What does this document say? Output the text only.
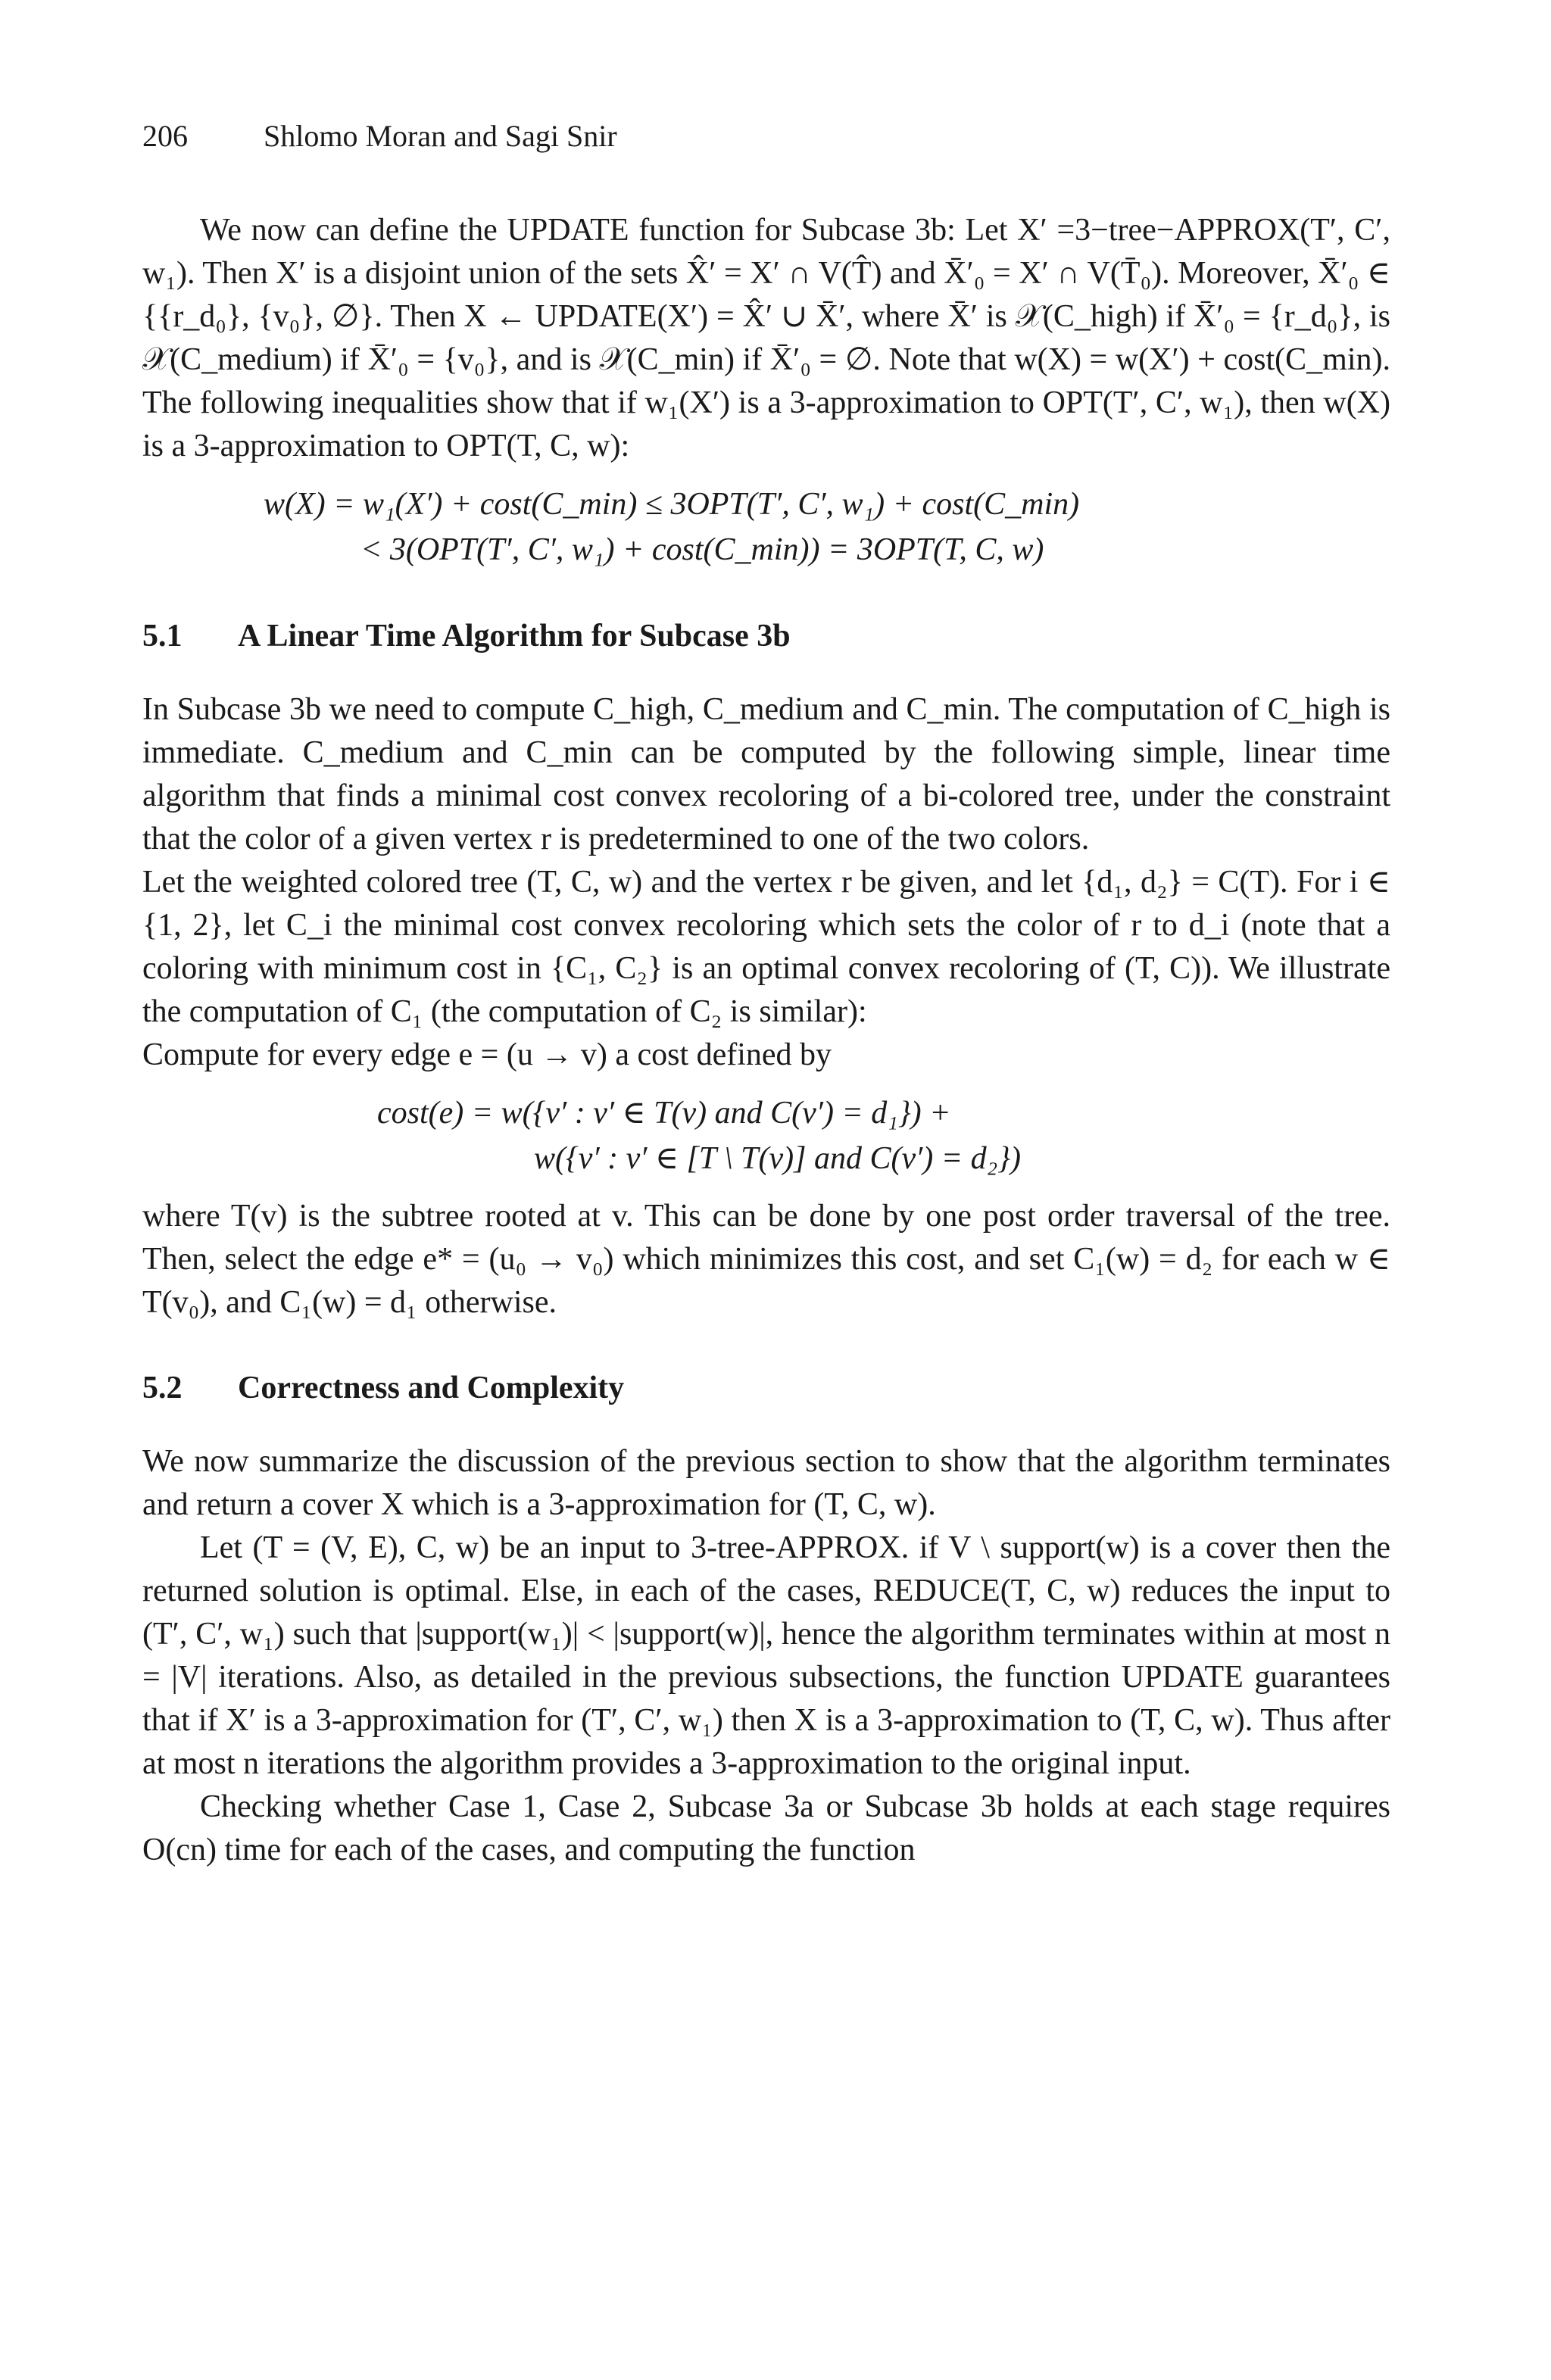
206	Shlomo Moran and Sagi Snir

We now can define the UPDATE function for Subcase 3b: Let X′ =3−tree−APPROX(T′, C′, w₁). Then X′ is a disjoint union of the sets X̂′ = X′ ∩ V(T̂) and X̄′₀ = X′ ∩ V(T̄₀). Moreover, X̄′₀ ∈ {{r_d₀}, {v₀}, ∅}. Then X ← UPDATE(X′) = X̂′ ∪ X̄′, where X̄′ is 𝒳(C_high) if X̄′₀ = {r_d₀}, is 𝒳(C_medium) if X̄′₀ = {v₀}, and is 𝒳(C_min) if X̄′₀ = ∅. Note that w(X) = w(X′) + cost(C_min). The following inequalities show that if w₁(X′) is a 3-approximation to OPT(T′, C′, w₁), then w(X) is a 3-approximation to OPT(T, C, w):

w(X) = w₁(X′) + cost(C_min) ≤ 3OPT(T′, C′, w₁) + cost(C_min)
< 3(OPT(T′, C′, w₁) + cost(C_min)) = 3OPT(T, C, w)
5.1 A Linear Time Algorithm for Subcase 3b

In Subcase 3b we need to compute C_high, C_medium and C_min. The computation of C_high is immediate. C_medium and C_min can be computed by the following simple, linear time algorithm that finds a minimal cost convex recoloring of a bi-colored tree, under the constraint that the color of a given vertex r is predetermined to one of the two colors.

Let the weighted colored tree (T, C, w) and the vertex r be given, and let {d₁, d₂} = C(T). For i ∈ {1, 2}, let C_i the minimal cost convex recoloring which sets the color of r to d_i (note that a coloring with minimum cost in {C₁, C₂} is an optimal convex recoloring of (T, C)). We illustrate the computation of C₁ (the computation of C₂ is similar):

Compute for every edge e = (u → v) a cost defined by

cost(e) = w({v′ : v′ ∈ T(v) and C(v′) = d₁}) +
w({v′ : v′ ∈ [T \ T(v)] and C(v′) = d₂})

where T(v) is the subtree rooted at v. This can be done by one post order traversal of the tree. Then, select the edge e* = (u₀ → v₀) which minimizes this cost, and set C₁(w) = d₂ for each w ∈ T(v₀), and C₁(w) = d₁ otherwise.

5.2 Correctness and Complexity

We now summarize the discussion of the previous section to show that the algorithm terminates and return a cover X which is a 3-approximation for (T, C, w).

Let (T = (V, E), C, w) be an input to 3-tree-APPROX. if V \ support(w) is a cover then the returned solution is optimal. Else, in each of the cases, REDUCE(T, C, w) reduces the input to (T′, C′, w₁) such that |support(w₁)| < |support(w)|, hence the algorithm terminates within at most n = |V| iterations. Also, as detailed in the previous subsections, the function UPDATE guarantees that if X′ is a 3-approximation for (T′, C′, w₁) then X is a 3-approximation to (T, C, w). Thus after at most n iterations the algorithm provides a 3-approximation to the original input.

Checking whether Case 1, Case 2, Subcase 3a or Subcase 3b holds at each stage requires O(cn) time for each of the cases, and computing the function
